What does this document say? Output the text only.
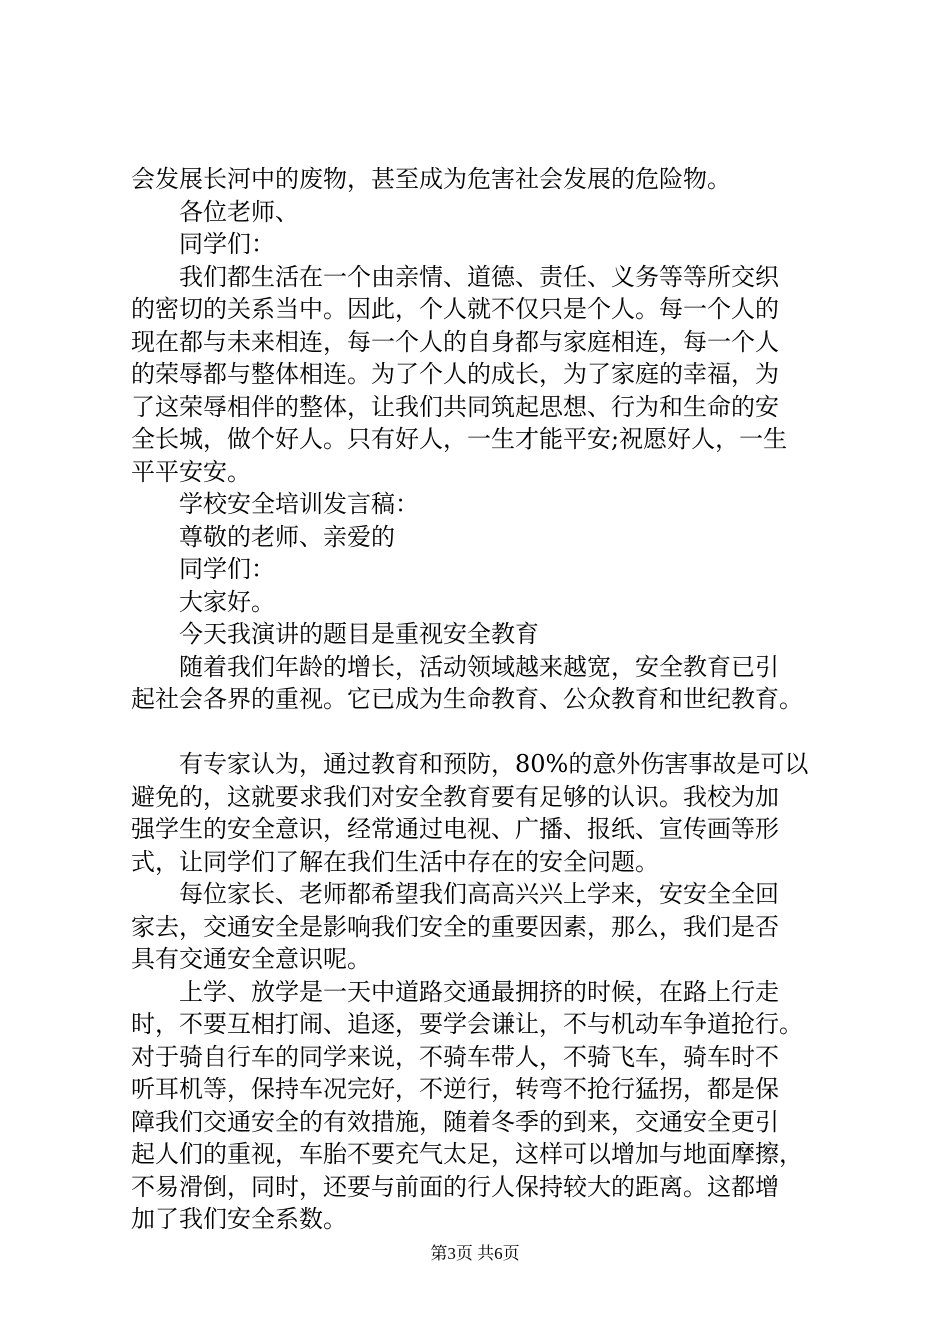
会发展长河中的废物，甚至成为危害社会发展的危险物。
各位老师、
同学们：
我们都生活在一个由亲情、道德、责任、义务等等所交织
的密切的关系当中。因此，个人就不仅只是个人。每一个人的
现在都与未来相连，每一个人的自身都与家庭相连，每一个人
的荣辱都与整体相连。为了个人的成长，为了家庭的幸福，为
了这荣辱相伴的整体，让我们共同筑起思想、行为和生命的安
全长城，做个好人。只有好人，一生才能平安;祝愿好人，一生
平平安安。
学校安全培训发言稿：
尊敬的老师、亲爱的
同学们：
大家好。
今天我演讲的题目是重视安全教育
随着我们年龄的增长，活动领域越来越宽，安全教育已引
起社会各界的重视。它已成为生命教育、公众教育和世纪教育。
有专家认为，通过教育和预防，80%的意外伤害事故是可以
避免的，这就要求我们对安全教育要有足够的认识。我校为加
强学生的安全意识，经常通过电视、广播、报纸、宣传画等形
式，让同学们了解在我们生活中存在的安全问题。
每位家长、老师都希望我们高高兴兴上学来，安安全全回
家去，交通安全是影响我们安全的重要因素，那么，我们是否
具有交通安全意识呢。
上学、放学是一天中道路交通最拥挤的时候，在路上行走
时，不要互相打闹、追逐，要学会谦让，不与机动车争道抢行。
对于骑自行车的同学来说，不骑车带人，不骑飞车，骑车时不
听耳机等，保持车况完好，不逆行，转弯不抢行猛拐，都是保
障我们交通安全的有效措施，随着冬季的到来，交通安全更引
起人们的重视，车胎不要充气太足，这样可以增加与地面摩擦，
不易滑倒，同时，还要与前面的行人保持较大的距离。这都增
加了我们安全系数。
第3页 共6页
